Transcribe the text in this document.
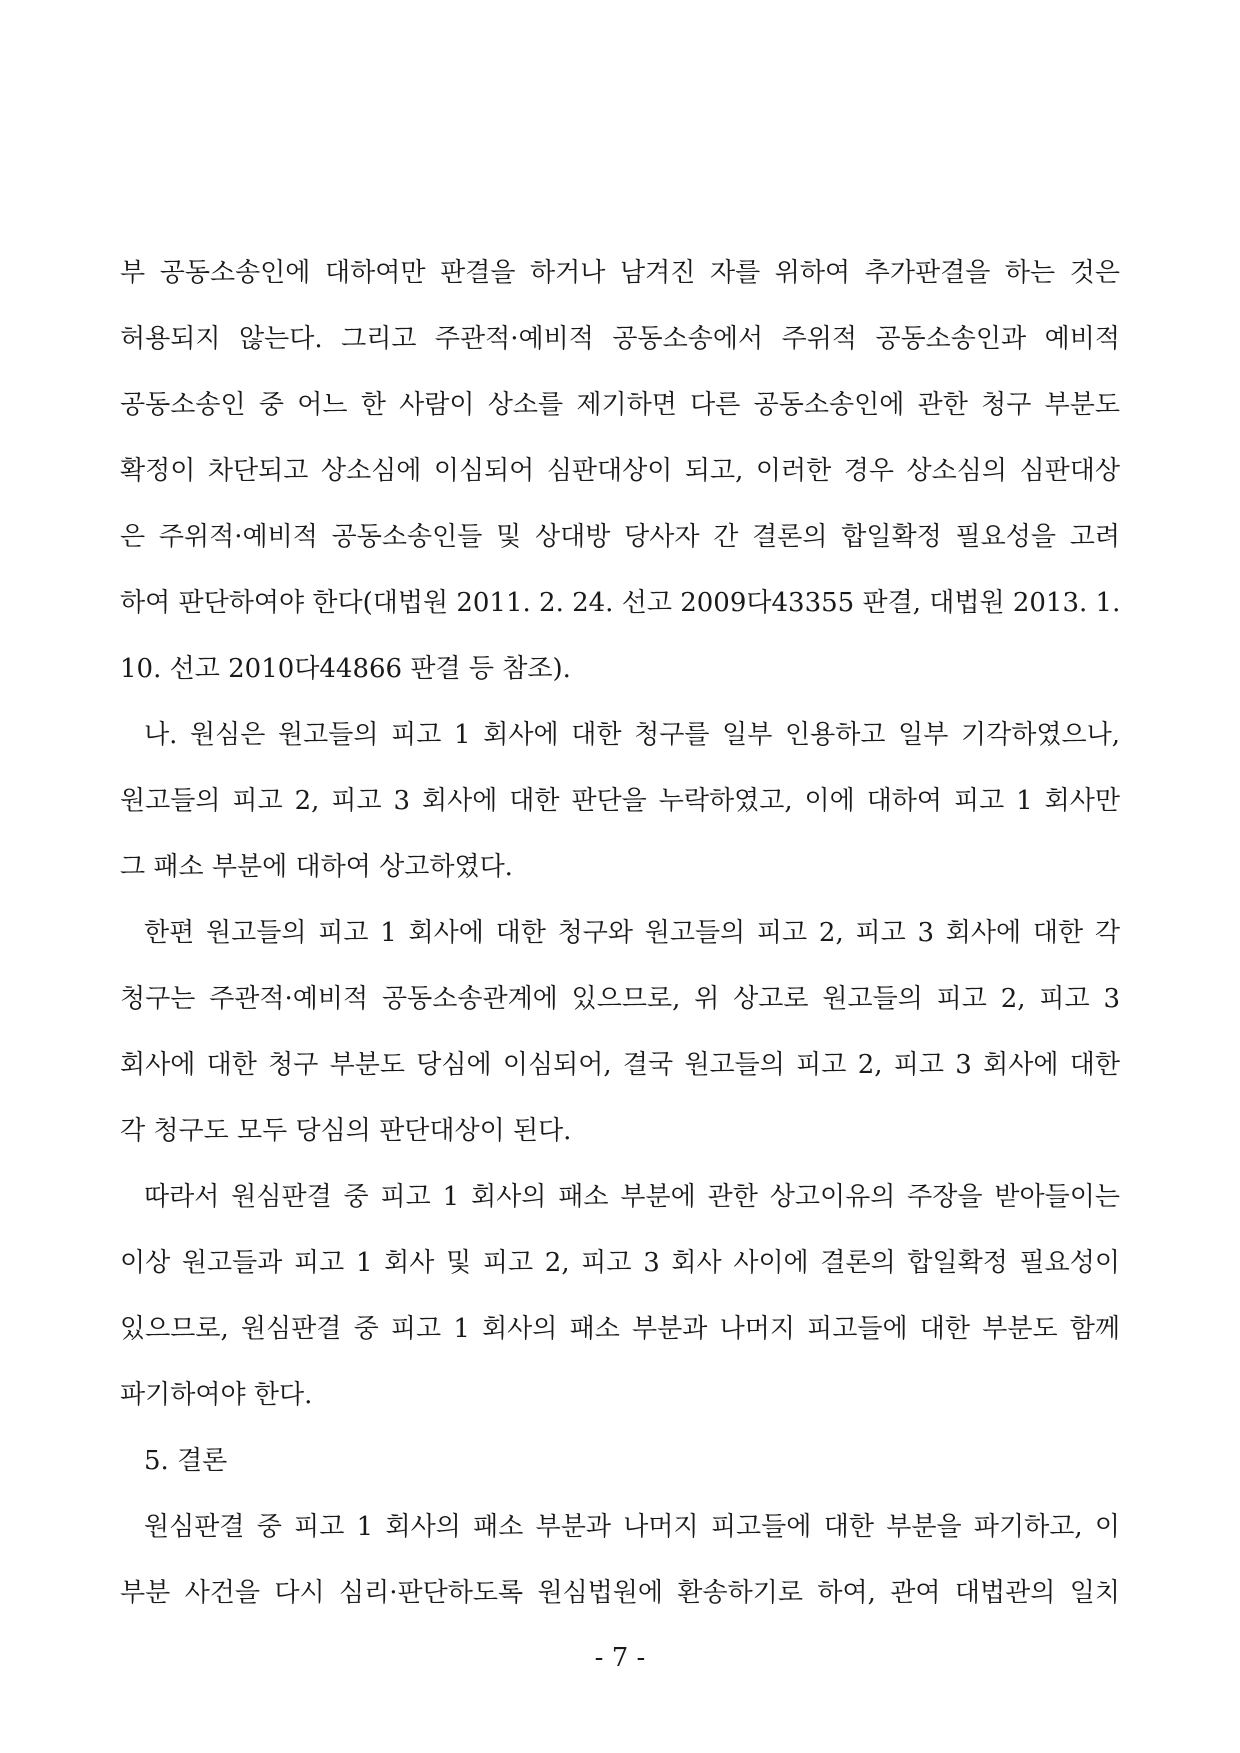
부 공동소송인에 대하여만 판결을 하거나 남겨진 자를 위하여 추가판결을 하는 것은
허용되지 않는다. 그리고 주관적·예비적 공동소송에서 주위적 공동소송인과 예비적
공동소송인 중 어느 한 사람이 상소를 제기하면 다른 공동소송인에 관한 청구 부분도
확정이 차단되고 상소심에 이심되어 심판대상이 되고, 이러한 경우 상소심의 심판대상
은 주위적·예비적 공동소송인들 및 상대방 당사자 간 결론의 합일확정 필요성을 고려
하여 판단하여야 한다(대법원 2011. 2. 24. 선고 2009다43355 판결, 대법원 2013. 1.
10. 선고 2010다44866 판결 등 참조).
나. 원심은 원고들의 피고 1 회사에 대한 청구를 일부 인용하고 일부 기각하였으나,
원고들의 피고 2, 피고 3 회사에 대한 판단을 누락하였고, 이에 대하여 피고 1 회사만
그 패소 부분에 대하여 상고하였다.
한편 원고들의 피고 1 회사에 대한 청구와 원고들의 피고 2, 피고 3 회사에 대한 각
청구는 주관적·예비적 공동소송관계에 있으므로, 위 상고로 원고들의 피고 2, 피고 3
회사에 대한 청구 부분도 당심에 이심되어, 결국 원고들의 피고 2, 피고 3 회사에 대한
각 청구도 모두 당심의 판단대상이 된다.
따라서 원심판결 중 피고 1 회사의 패소 부분에 관한 상고이유의 주장을 받아들이는
이상 원고들과 피고 1 회사 및 피고 2, 피고 3 회사 사이에 결론의 합일확정 필요성이
있으므로, 원심판결 중 피고 1 회사의 패소 부분과 나머지 피고들에 대한 부분도 함께
파기하여야 한다.
5. 결론
원심판결 중 피고 1 회사의 패소 부분과 나머지 피고들에 대한 부분을 파기하고, 이
부분 사건을 다시 심리·판단하도록 원심법원에 환송하기로 하여, 관여 대법관의 일치
- 7 -
